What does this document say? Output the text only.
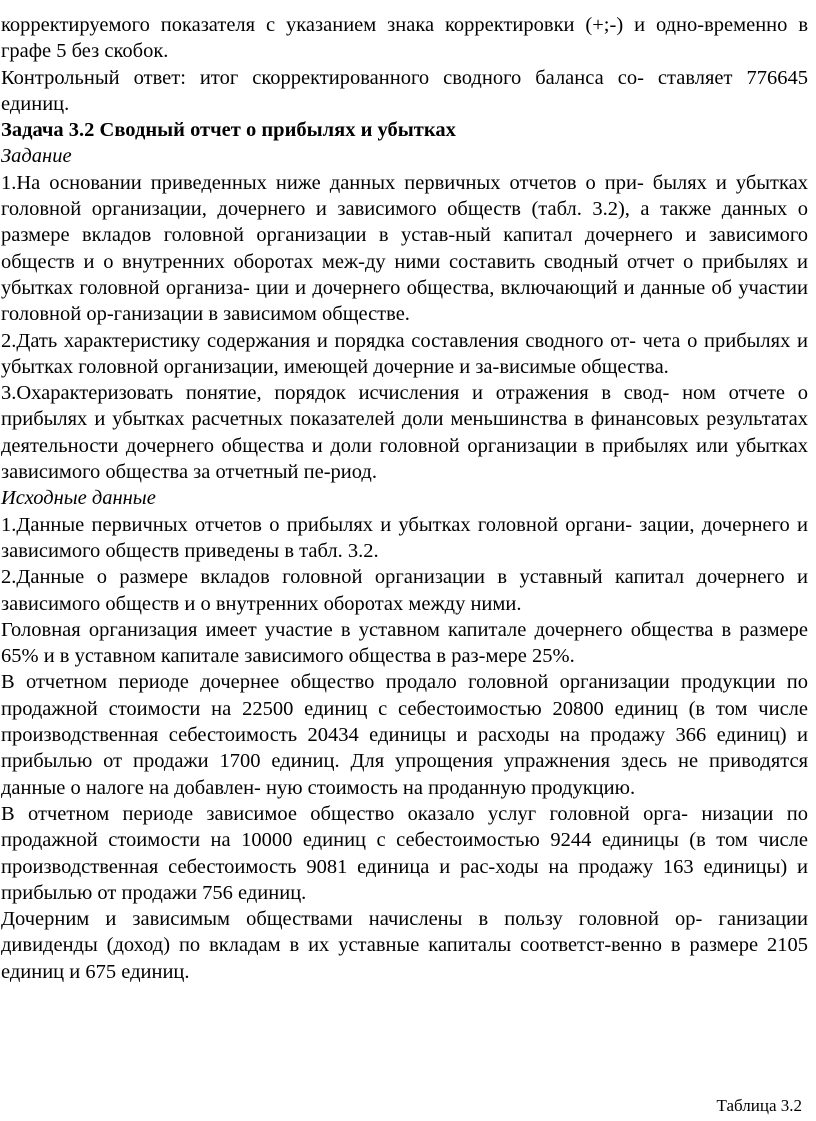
корректируемого показателя с указанием знака корректировки (+;-) и одно-временно в графе 5 без скобок.

Контрольный ответ: итог скорректированного сводного баланса со- ставляет 776645 единиц.

Задача 3.2 Сводный отчет о прибылях и убытках

Задание

1.На основании приведенных ниже данных первичных отчетов о при- былях и убытках головной организации, дочернего и зависимого обществ (табл. 3.2), а также данных о размере вкладов головной организации в устав-ный капитал дочернего и зависимого обществ и о внутренних оборотах меж-ду ними составить сводный отчет о прибылях и убытках головной организа- ции и дочернего общества, включающий и данные об участии головной ор-ганизации в зависимом обществе.

2.Дать характеристику содержания и порядка составления сводного от- чета о прибылях и убытках головной организации, имеющей дочерние и за-висимые общества.

3.Охарактеризовать понятие, порядок исчисления и отражения в свод- ном отчете о прибылях и убытках расчетных показателей доли меньшинства в финансовых результатах деятельности дочернего общества и доли головной организации в прибылях или убытках зависимого общества за отчетный пе-риод.

Исходные данные

1.Данные первичных отчетов о прибылях и убытках головной органи- зации, дочернего и зависимого обществ приведены в табл. 3.2.

2.Данные о размере вкладов головной организации в уставный капитал дочернего и зависимого обществ и о внутренних оборотах между ними.

Головная организация имеет участие в уставном капитале дочернего общества в размере 65% и в уставном капитале зависимого общества в раз-мере 25%.

В отчетном периоде дочернее общество продало головной организации продукции по продажной стоимости на 22500 единиц с себестоимостью 20800 единиц (в том числе производственная себестоимость 20434 единицы и расходы на продажу 366 единиц) и прибылью от продажи 1700 единиц. Для упрощения упражнения здесь не приводятся данные о налоге на добавлен- ную стоимость на проданную продукцию.

В отчетном периоде зависимое общество оказало услуг головной орга- низации по продажной стоимости на 10000 единиц с себестоимостью 9244 единицы (в том числе производственная себестоимость 9081 единица и рас-ходы на продажу 163 единицы) и прибылью от продажи 756 единиц.

Дочерним и зависимым обществами начислены в пользу головной ор- ганизации дивиденды (доход) по вкладам в их уставные капиталы соответст-венно в размере 2105 единиц и 675 единиц.

Таблица 3.2
